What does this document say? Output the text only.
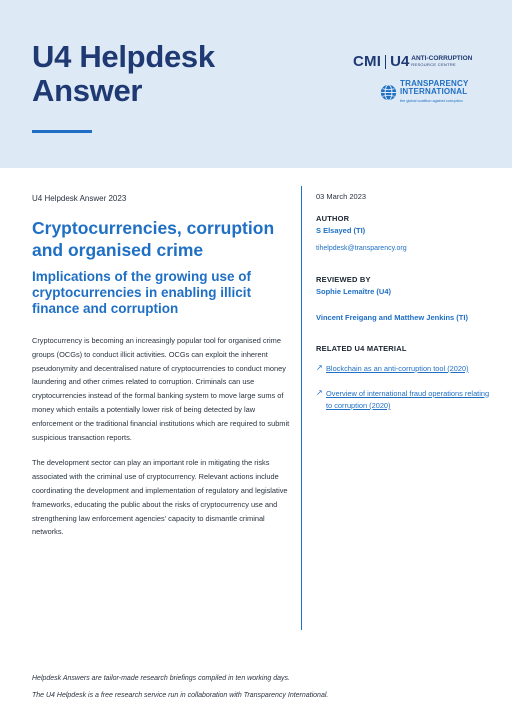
U4 Helpdesk
Answer
CMI U4 ANTI-CORRUPTION
RESOURCE CENTRE
TRANSPARENCY
INTERNATIONAL
the global coalition against corruption
U4 Helpdesk Answer 2023
Cryptocurrencies, corruption and organised crime
Implications of the growing use of cryptocurrencies in enabling illicit finance and corruption

Cryptocurrency is becoming an increasingly popular tool for organised crime groups (OCGs) to conduct illicit activities. OCGs can exploit the inherent pseudonymity and decentralised nature of cryptocurrencies to conduct money laundering and other crimes related to corruption. Criminals can use cryptocurrencies instead of the formal banking system to move large sums of money which entails a potentially lower risk of being detected by law enforcement or the traditional financial institutions which are required to submit suspicious transaction reports.

The development sector can play an important role in mitigating the risks associated with the criminal use of cryptocurrency. Relevant actions include coordinating the development and implementation of regulatory and legislative frameworks, educating the public about the risks of cryptocurrency use and strengthening law enforcement agencies' capacity to dismantle criminal networks.

03 March 2023
AUTHOR
S Elsayed (TI)
tihelpdesk@transparency.org
REVIEWED BY
Sophie Lemaître (U4)
Vincent Freigang and Matthew Jenkins (TI)
RELATED U4 MATERIAL
↗ Blockchain as an anti-corruption tool (2020)
↗ Overview of international fraud operations relating to corruption (2020)
Helpdesk Answers are tailor-made research briefings compiled in ten working days.
The U4 Helpdesk is a free research service run in collaboration with Transparency International.
